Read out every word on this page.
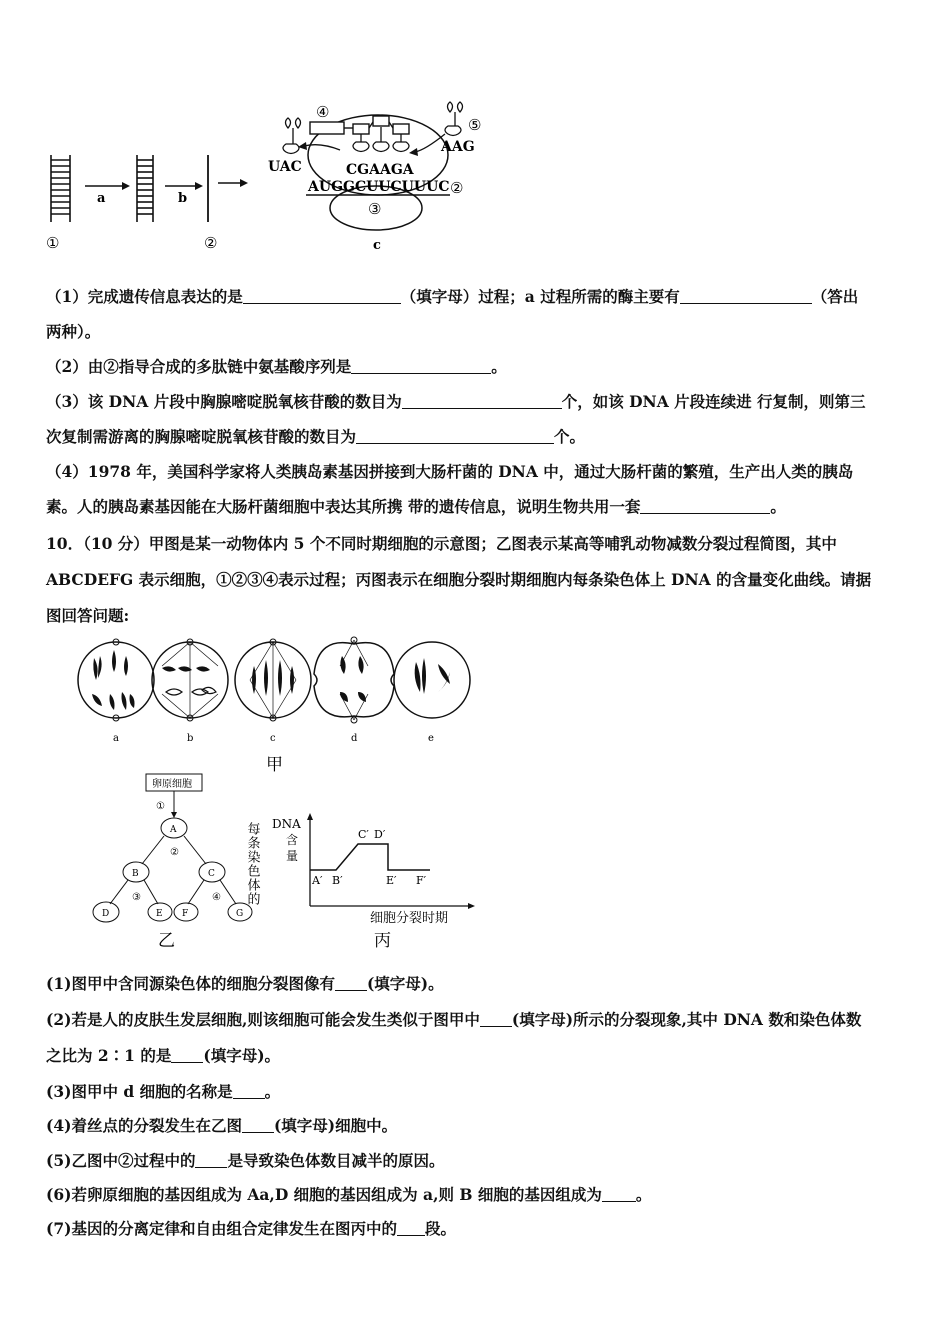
a	b
①	②
④
CGAAGA
AUGGCUUCUUUC ②
③
c
UAC
⑤
AAG
（1）完成遗传信息表达的是	（填字母）过程；a 过程所需的酶主要有	（答出
两种）。
（2）由②指导合成的多肽链中氨基酸序列是	。
（3）该 DNA 片段中胸腺嘧啶脱氧核苷酸的数目为	个，如该 DNA 片段连续进 行复制，则第三
次复制需游离的胸腺嘧啶脱氧核苷酸的数目为	个。
（4）1978 年，美国科学家将人类胰岛素基因拼接到大肠杆菌的 DNA 中，通过大肠杆菌的繁殖，生产出人类的胰岛
素。人的胰岛素基因能在大肠杆菌细胞中表达其所携 带的遗传信息，说明生物共用一套	。
10．（10 分）甲图是某一动物体内 5 个不同时期细胞的示意图；乙图表示某高等哺乳动物减数分裂过程简图，其中
ABCDEFG 表示细胞，①②③④表示过程；丙图表示在细胞分裂时期细胞内每条染色体上 DNA 的含量变化曲线。请据
图回答问题:
a	b	c	d	e
甲
卵原细胞
①
A
②
B	C
③	④
D	E F	G
乙
每条染色体的 DNA
含
量
A′ B′
C′ D′
E′ F′
细胞分裂时期
丙
(1)图甲中含同源染色体的细胞分裂图像有 (填字母)。
(2)若是人的皮肤生发层细胞,则该细胞可能会发生类似于图甲中 (填字母)所示的分裂现象,其中 DNA 数和染色体数
之比为 2∶1 的是 (填字母)。
(3)图甲中 d 细胞的名称是 。
(4)着丝点的分裂发生在乙图 (填字母)细胞中。
(5)乙图中②过程中的 是导致染色体数目减半的原因。
(6)若卵原细胞的基因组成为 Aa,D 细胞的基因组成为 a,则 B 细胞的基因组成为 。
(7)基因的分离定律和自由组合定律发生在图丙中的 段。
